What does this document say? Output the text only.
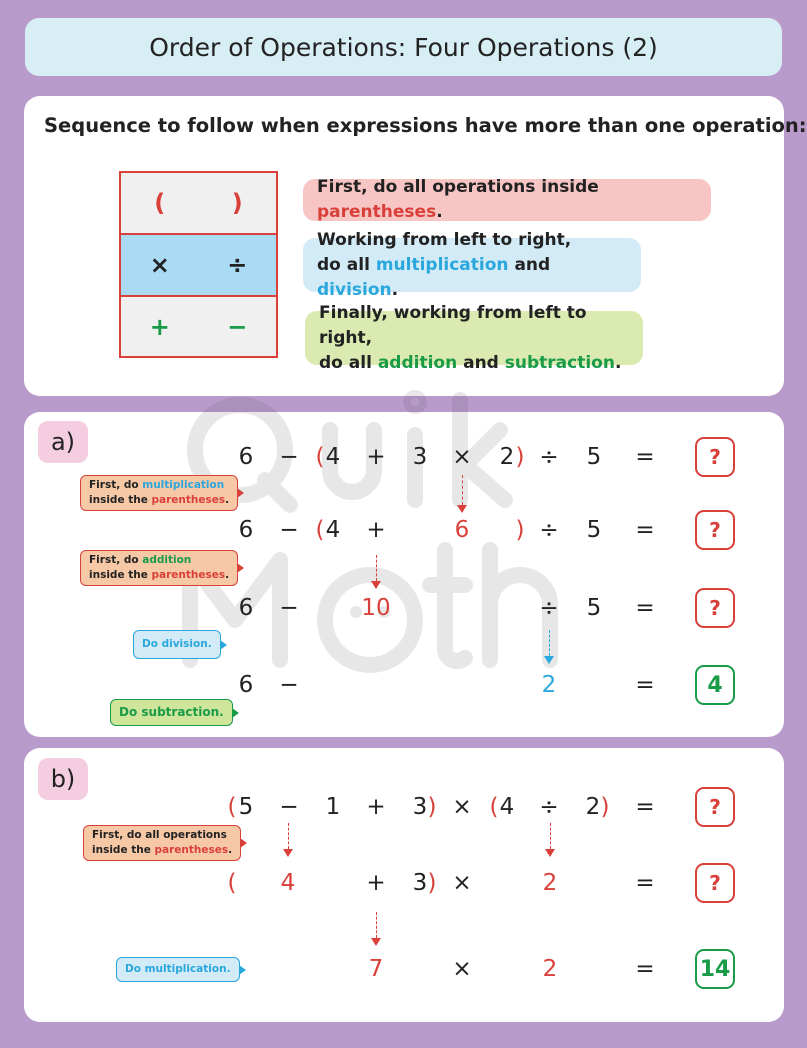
Order of Operations: Four Operations (2)
Sequence to follow when expressions have more than one operation:
(	)
×	÷
+	−
First, do all operations inside parentheses.
Working from left to right,
do all multiplication and division.
Finally, working from left to right,
do all addition and subtraction.
a)
6 − ( 4 + 3 × 2 ) ÷ 5 =	?
First, do multiplication
inside the parentheses.
6 − ( 4 +	6 ) ÷ 5 =	?
First, do addition
inside the parentheses.
6 −	10	÷ 5 =	?
Do division.
6 −	2	=	4
Do subtraction.
b)
( 5 − 1 + 3 ) × ( 4 ÷ 2 ) =	?
First, do all operations
inside the parentheses.
( 4	+ 3 ) ×	2	=	?
Do multiplication.	7	×	2	= 14
